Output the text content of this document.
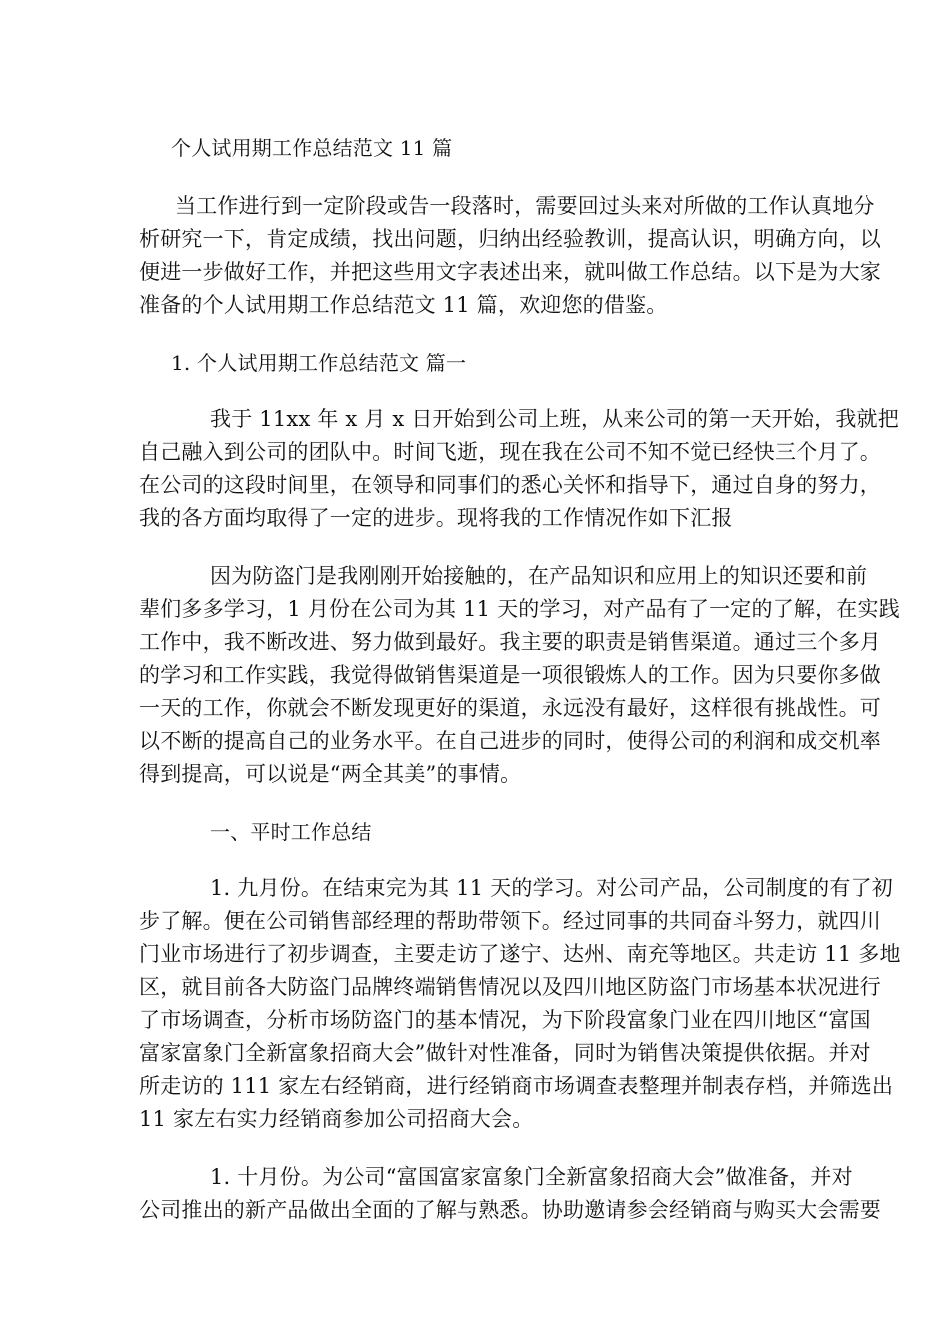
个人试用期工作总结范文 11 篇
当工作进行到一定阶段或告一段落时，需要回过头来对所做的工作认真地分
析研究一下，肯定成绩，找出问题，归纳出经验教训，提高认识，明确方向，以
便进一步做好工作，并把这些用文字表述出来，就叫做工作总结。以下是为大家
准备的个人试用期工作总结范文 11 篇，欢迎您的借鉴。
1. 个人试用期工作总结范文 篇一
我于 11xx 年 x 月 x 日开始到公司上班，从来公司的第一天开始，我就把
自己融入到公司的团队中。时间飞逝，现在我在公司不知不觉已经快三个月了。
在公司的这段时间里，在领导和同事们的悉心关怀和指导下，通过自身的努力，
我的各方面均取得了一定的进步。现将我的工作情况作如下汇报
因为防盗门是我刚刚开始接触的，在产品知识和应用上的知识还要和前
辈们多多学习，1 月份在公司为其 11 天的学习，对产品有了一定的了解，在实践
工作中，我不断改进、努力做到最好。我主要的职责是销售渠道。通过三个多月
的学习和工作实践，我觉得做销售渠道是一项很锻炼人的工作。因为只要你多做
一天的工作，你就会不断发现更好的渠道，永远没有最好，这样很有挑战性。可
以不断的提高自己的业务水平。在自己进步的同时，使得公司的利润和成交机率
得到提高，可以说是“两全其美”的事情。
一、平时工作总结
1. 九月份。在结束完为其 11 天的学习。对公司产品，公司制度的有了初
步了解。便在公司销售部经理的帮助带领下。经过同事的共同奋斗努力，就四川
门业市场进行了初步调查，主要走访了遂宁、达州、南充等地区。共走访 11 多地
区，就目前各大防盗门品牌终端销售情况以及四川地区防盗门市场基本状况进行
了市场调查，分析市场防盗门的基本情况，为下阶段富象门业在四川地区“富国
富家富象门全新富象招商大会”做针对性准备，同时为销售决策提供依据。并对
所走访的 111 家左右经销商，进行经销商市场调查表整理并制表存档，并筛选出
11 家左右实力经销商参加公司招商大会。
1. 十月份。为公司“富国富家富象门全新富象招商大会”做准备，并对
公司推出的新产品做出全面的了解与熟悉。协助邀请参会经销商与购买大会需要
